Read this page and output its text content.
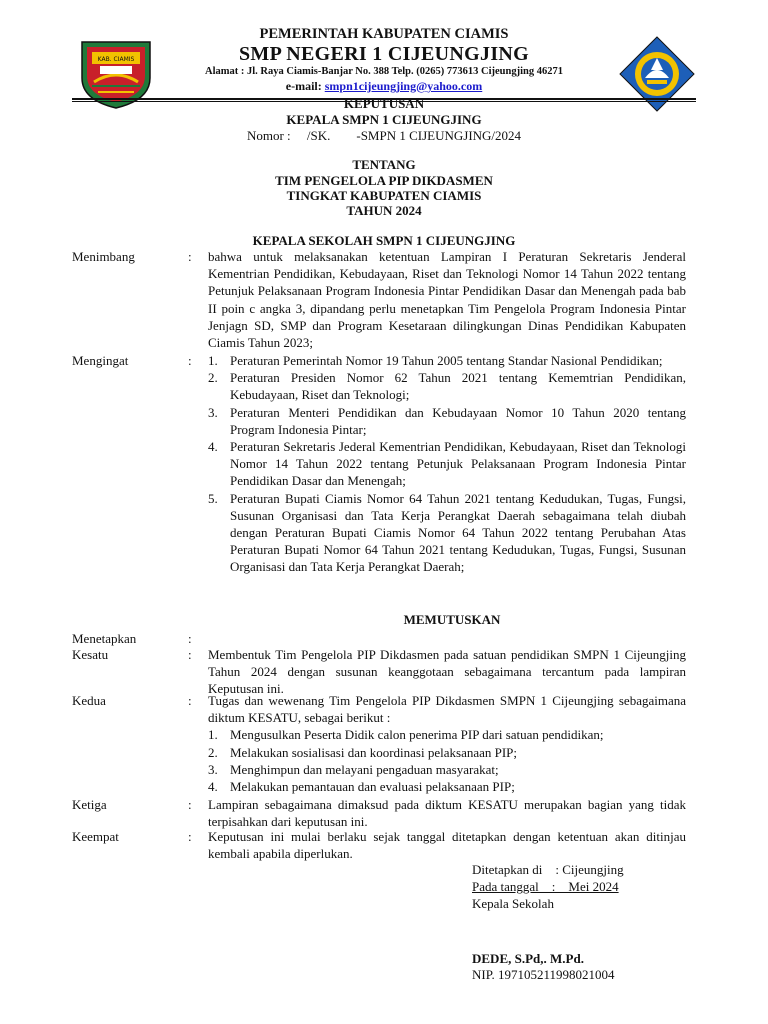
KAB. CIAMIS
PEMERINTAH KABUPATEN CIAMIS
SMP NEGERI 1 CIJEUNGJING
Alamat : Jl. Raya Ciamis-Banjar No. 388 Telp. (0265) 773613 Cijeungjing 46271
e-mail: smpn1cijeungjing@yahoo.com
KEPUTUSAN
KEPALA SMPN 1 CIJEUNGJING
Nomor :     /SK.        -SMPN 1 CIJEUNGJING/2024
TENTANG
TIM PENGELOLA PIP DIKDASMEN
TINGKAT KABUPATEN CIAMIS
TAHUN 2024
KEPALA SEKOLAH SMPN 1 CIJEUNGJING
Menimbang	:	bahwa untuk melaksanakan ketentuan Lampiran I Peraturan Sekretaris Jenderal Kementrian Pendidikan, Kebudayaan, Riset dan Teknologi Nomor 14 Tahun 2022 tentang Petunjuk Pelaksanaan Program Indonesia Pintar Pendidikan Dasar dan Menengah pada bab II poin c angka 3, dipandang perlu menetapkan Tim Pengelola Program Indonesia Pintar Jenjagn SD, SMP dan Program Kesetaraan dilingkungan Dinas Pendidikan Kabupaten Ciamis Tahun 2023;
Mengingat	:	1. Peraturan Pemerintah Nomor 19 Tahun 2005 tentang Standar Nasional Pendidikan;
2. Peraturan Presiden Nomor 62 Tahun 2021 tentang Kememtrian Pendidikan, Kebudayaan, Riset dan Teknologi;
3. Peraturan Menteri Pendidikan dan Kebudayaan Nomor 10 Tahun 2020 tentang Program Indonesia Pintar;
4. Peraturan Sekretaris Jederal Kementrian Pendidikan, Kebudayaan, Riset dan Teknologi Nomor 14 Tahun 2022 tentang Petunjuk Pelaksanaan Program Indonesia Pintar Pendidikan Dasar dan Menengah;
5. Peraturan Bupati Ciamis Nomor 64 Tahun 2021 tentang Kedudukan, Tugas, Fungsi, Susunan Organisasi dan Tata Kerja Perangkat Daerah sebagaimana telah diubah dengan Peraturan Bupati Ciamis Nomor 64 Tahun 2022 tentang Perubahan Atas Peraturan Bupati Nomor 64 Tahun 2021 tentang Kedudukan, Tugas, Fungsi, Susunan Organisasi dan Tata Kerja Perangkat Daerah;
MEMUTUSKAN
Menetapkan	:
Kesatu	:	Membentuk Tim Pengelola PIP Dikdasmen pada satuan pendidikan SMPN 1 Cijeungjing Tahun 2024 dengan susunan keanggotaan sebagaimana tercantum pada lampiran Keputusan ini.
Kedua	:	Tugas dan wewenang Tim Pengelola PIP Dikdasmen SMPN 1 Cijeungjing sebagaimana diktum KESATU, sebagai berikut :
1. Mengusulkan Peserta Didik calon penerima PIP dari satuan pendidikan;
2. Melakukan sosialisasi dan koordinasi pelaksanaan PIP;
3. Menghimpun dan melayani pengaduan masyarakat;
4. Melakukan pemantauan dan evaluasi pelaksanaan PIP;
Ketiga	:	Lampiran sebagaimana dimaksud pada diktum KESATU merupakan bagian yang tidak terpisahkan dari keputusan ini.
Keempat	:	Keputusan ini mulai berlaku sejak tanggal ditetapkan dengan ketentuan akan ditinjau kembali apabila diperlukan.
Ditetapkan di    : Cijeungjing
Pada tanggal    :    Mei 2024
Kepala Sekolah
DEDE, S.Pd,. M.Pd.
NIP. 197105211998021004
